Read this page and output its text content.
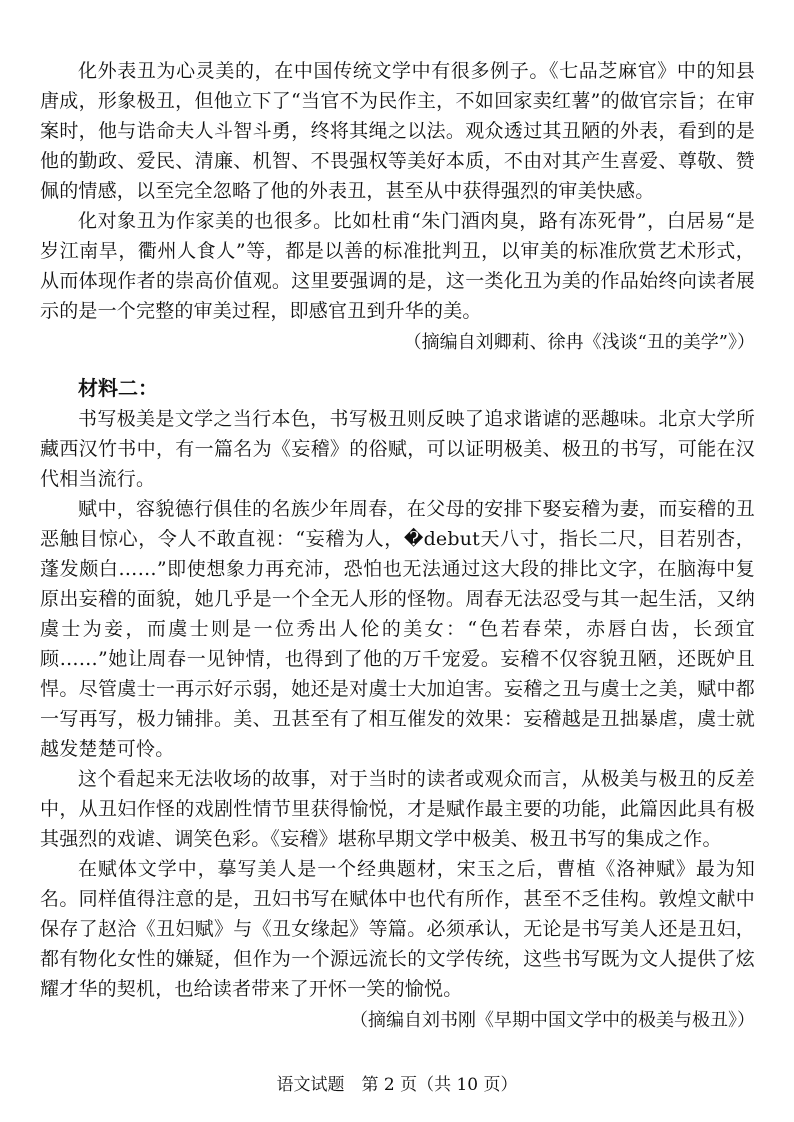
化外表丑为心灵美的，在中国传统文学中有很多例子。《七品芝麻官》中的知县唐成，形象极丑，但他立下了“当官不为民作主，不如回家卖红薯”的做官宗旨；在审案时，他与诰命夫人斗智斗勇，终将其绳之以法。观众透过其丑陋的外表，看到的是他的勤政、爱民、清廉、机智、不畏强权等美好本质，不由对其产生喜爱、尊敬、赞佩的情感，以至完全忽略了他的外表丑，甚至从中获得强烈的审美快感。

化对象丑为作家美的也很多。比如杜甫“朱门酒肉臭，路有冻死骨”，白居易“是岁江南旱，衢州人食人”等，都是以善的标准批判丑，以审美的标准欣赏艺术形式，从而体现作者的崇高价值观。这里要强调的是，这一类化丑为美的作品始终向读者展示的是一个完整的审美过程，即感官丑到升华的美。

（摘编自刘卿莉、徐冉《浅谈“丑的美学”》）
材料二：

书写极美是文学之当行本色，书写极丑则反映了追求谐谑的恶趣味。北京大学所藏西汉竹书中，有一篇名为《妄稽》的俗赋，可以证明极美、极丑的书写，可能在汉代相当流行。

赋中，容貌德行俱佳的名族少年周春，在父母的安排下娶妄稽为妻，而妄稽的丑恶触目惊心，令人不敢直视：“妄稽为人，�debut天八寸，指长二尺，目若别杏，蓬发颇白……”即使想象力再充沛，恐怕也无法通过这大段的排比文字，在脑海中复原出妄稽的面貌，她几乎是一个全无人形的怪物。周春无法忍受与其一起生活，又纳虞士为妾，而虞士则是一位秀出人伦的美女：“色若春荣，赤唇白齿，长颈宜顾……”她让周春一见钟情，也得到了他的万千宠爱。妄稽不仅容貌丑陋，还既妒且悍。尽管虞士一再示好示弱，她还是对虞士大加迫害。妄稽之丑与虞士之美，赋中都一写再写，极力铺排。美、丑甚至有了相互催发的效果：妄稽越是丑拙暴虐，虞士就越发楚楚可怜。

这个看起来无法收场的故事，对于当时的读者或观众而言，从极美与极丑的反差中，从丑妇作怪的戏剧性情节里获得愉悦，才是赋作最主要的功能，此篇因此具有极其强烈的戏谑、调笑色彩。《妄稽》堪称早期文学中极美、极丑书写的集成之作。

在赋体文学中，摹写美人是一个经典题材，宋玉之后，曹植《洛神赋》最为知名。同样值得注意的是，丑妇书写在赋体中也代有所作，甚至不乏佳构。敦煌文献中保存了赵洽《丑妇赋》与《丑女缘起》等篇。必须承认，无论是书写美人还是丑妇，都有物化女性的嫌疑，但作为一个源远流长的文学传统，这些书写既为文人提供了炫耀才华的契机，也给读者带来了开怀一笑的愉悦。

（摘编自刘书刚《早期中国文学中的极美与极丑》）
语文试题　第 2 页（共 10 页）
